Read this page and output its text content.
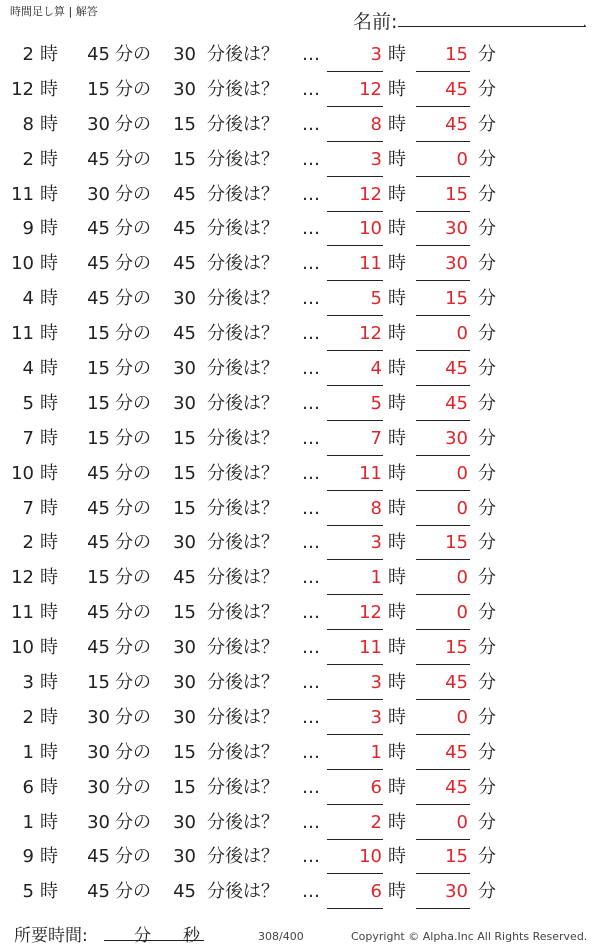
時間足し算 | 解答	名前:	.
2 時	45 分の	30 分後は？ …	3 時	15 分
12 時	15 分の	30 分後は？ …	12 時	45 分
8 時	30 分の	15 分後は？ …	8 時	45 分
2 時	45 分の	15 分後は？ …	3 時	0 分
11 時	30 分の	45 分後は？ …	12 時	15 分
9 時	45 分の	45 分後は？ …	10 時	30 分
10 時	45 分の	45 分後は？ …	11 時	30 分
4 時	45 分の	30 分後は？ …	5 時	15 分
11 時	15 分の	45 分後は？ …	12 時	0 分
4 時	15 分の	30 分後は？ …	4 時	45 分
5 時	15 分の	30 分後は？ …	5 時	45 分
7 時	15 分の	15 分後は？ …	7 時	30 分
10 時	45 分の	15 分後は？ …	11 時	0 分
7 時	45 分の	15 分後は？ …	8 時	0 分
2 時	45 分の	30 分後は？ …	3 時	15 分
12 時	15 分の	45 分後は？ …	1 時	0 分
11 時	45 分の	15 分後は？ …	12 時	0 分
10 時	45 分の	30 分後は？ …	11 時	15 分
3 時	15 分の	30 分後は？ …	3 時	45 分
2 時	30 分の	30 分後は？ …	3 時	0 分
1 時	30 分の	15 分後は？ …	1 時	45 分
6 時	30 分の	15 分後は？ …	6 時	45 分
1 時	30 分の	30 分後は？ …	2 時	0 分
9 時	45 分の	30 分後は？ …	10 時	15 分
5 時	45 分の	45 分後は？ …	6 時	30 分
所要時間:	分 秒	308/400	Copyright © Alpha.Inc All Rights Reserved.
